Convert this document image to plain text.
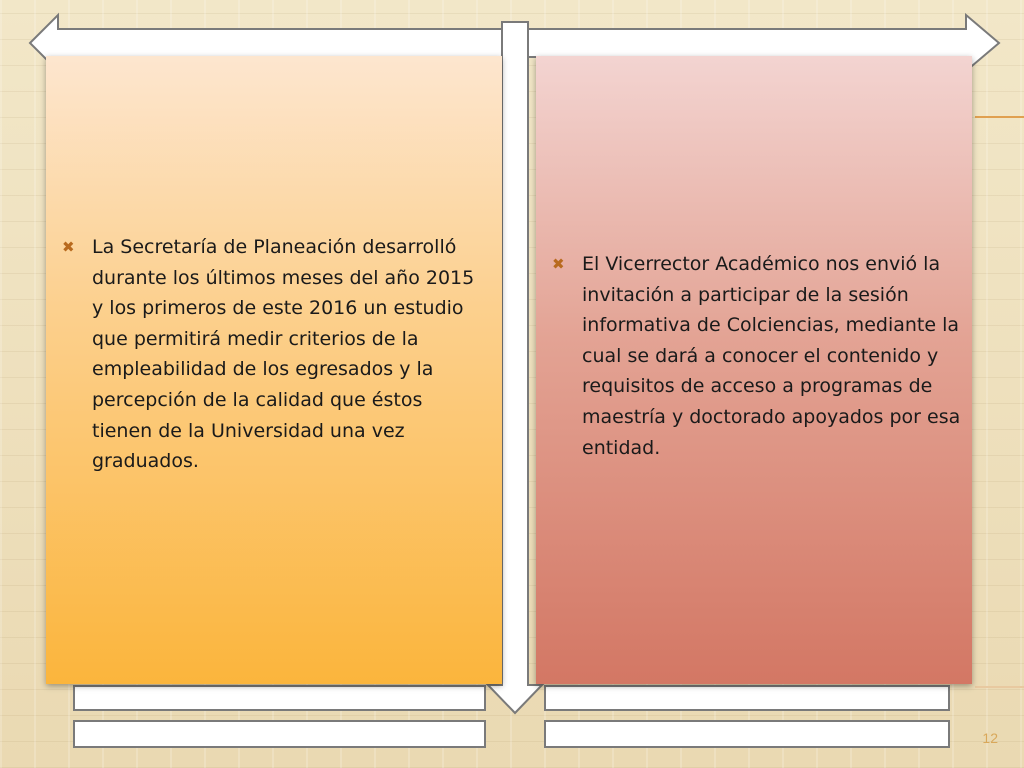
✖ La Secretaría de Planeación desarrolló durante los últimos meses del año 2015 y los primeros de este 2016 un estudio que permitirá medir criterios de la empleabilidad de los egresados y la percepción de la calidad que éstos tienen de la Universidad una vez graduados.
✖ El Vicerrector Académico nos envió la invitación a participar de la sesión informativa de Colciencias, mediante la cual se dará a conocer el contenido y requisitos de acceso a programas de maestría y doctorado apoyados por esa entidad.
12
